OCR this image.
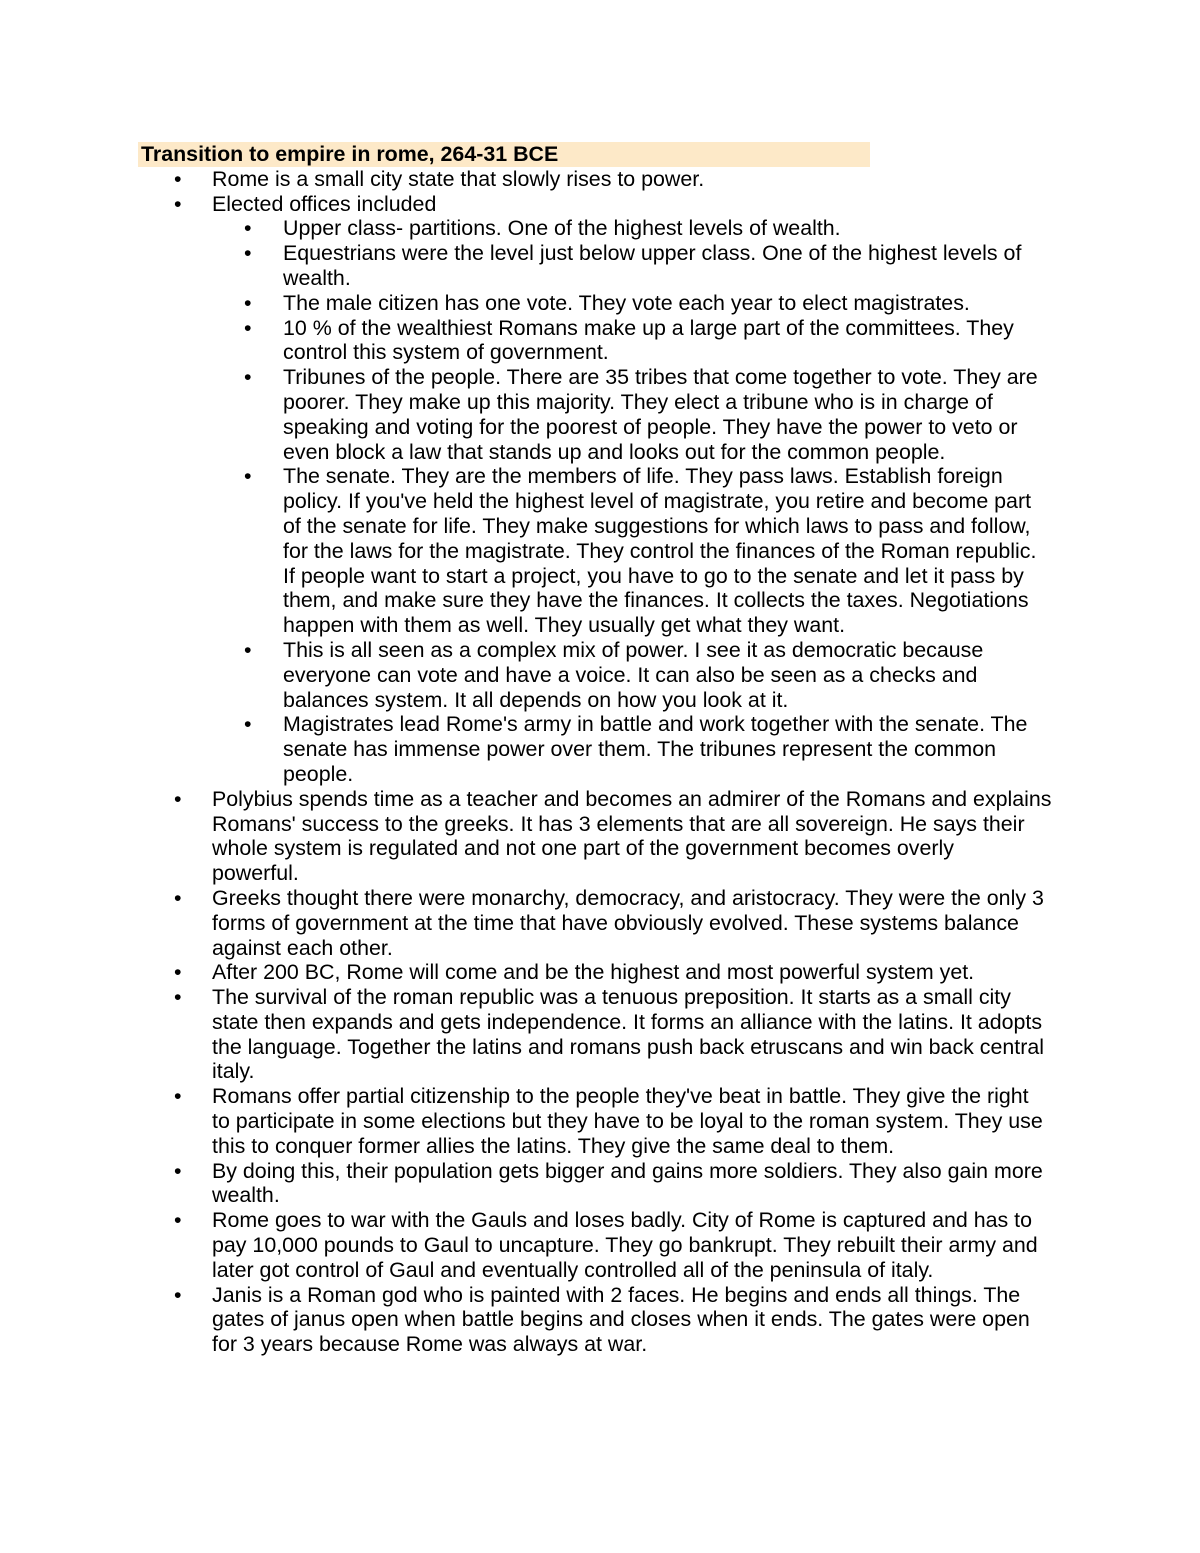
Transition to empire in rome, 264-31 BCE
• Rome is a small city state that slowly rises to power.
• Elected offices included
• Upper class- partitions. One of the highest levels of wealth.
• Equestrians were the level just below upper class. One of the highest levels of
wealth.
• The male citizen has one vote. They vote each year to elect magistrates.
• 10 % of the wealthiest Romans make up a large part of the committees. They
control this system of government.
• Tribunes of the people. There are 35 tribes that come together to vote. They are
poorer. They make up this majority. They elect a tribune who is in charge of
speaking and voting for the poorest of people. They have the power to veto or
even block a law that stands up and looks out for the common people.
• The senate. They are the members of life. They pass laws. Establish foreign
policy. If you've held the highest level of magistrate, you retire and become part
of the senate for life. They make suggestions for which laws to pass and follow,
for the laws for the magistrate. They control the finances of the Roman republic.
If people want to start a project, you have to go to the senate and let it pass by
them, and make sure they have the finances. It collects the taxes. Negotiations
happen with them as well. They usually get what they want.
• This is all seen as a complex mix of power. I see it as democratic because
everyone can vote and have a voice. It can also be seen as a checks and
balances system. It all depends on how you look at it.
• Magistrates lead Rome's army in battle and work together with the senate. The
senate has immense power over them. The tribunes represent the common
people.
• Polybius spends time as a teacher and becomes an admirer of the Romans and explains
Romans' success to the greeks. It has 3 elements that are all sovereign. He says their
whole system is regulated and not one part of the government becomes overly
powerful.
• Greeks thought there were monarchy, democracy, and aristocracy. They were the only 3
forms of government at the time that have obviously evolved. These systems balance
against each other.
• After 200 BC, Rome will come and be the highest and most powerful system yet.
• The survival of the roman republic was a tenuous preposition. It starts as a small city
state then expands and gets independence. It forms an alliance with the latins. It adopts
the language. Together the latins and romans push back etruscans and win back central
italy.
• Romans offer partial citizenship to the people they've beat in battle. They give the right
to participate in some elections but they have to be loyal to the roman system. They use
this to conquer former allies the latins. They give the same deal to them.
• By doing this, their population gets bigger and gains more soldiers. They also gain more
wealth.
• Rome goes to war with the Gauls and loses badly. City of Rome is captured and has to
pay 10,000 pounds to Gaul to uncapture. They go bankrupt. They rebuilt their army and
later got control of Gaul and eventually controlled all of the peninsula of italy.
• Janis is a Roman god who is painted with 2 faces. He begins and ends all things. The
gates of janus open when battle begins and closes when it ends. The gates were open
for 3 years because Rome was always at war.
